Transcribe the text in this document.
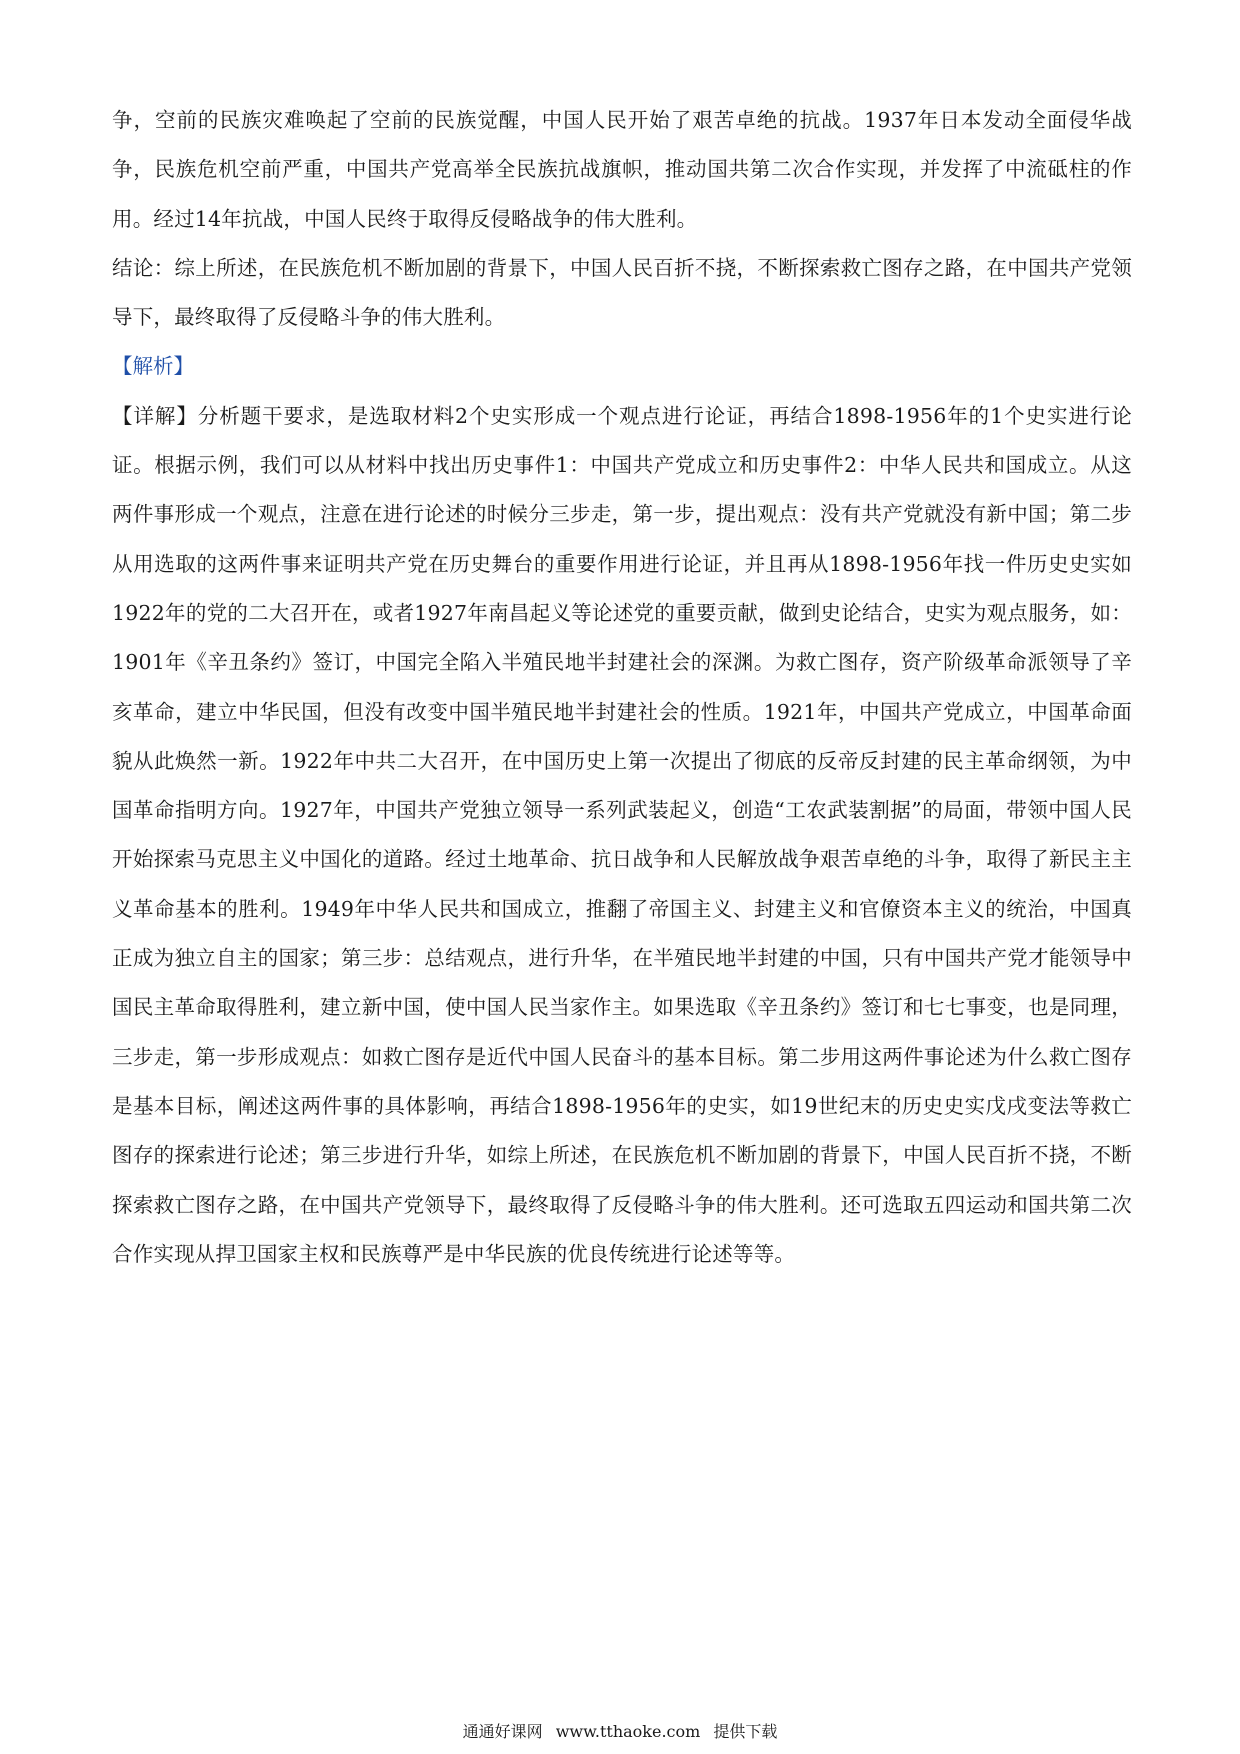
争，空前的民族灾难唤起了空前的民族觉醒，中国人民开始了艰苦卓绝的抗战。1937年日本发动全面侵华战争，民族危机空前严重，中国共产党高举全民族抗战旗帜，推动国共第二次合作实现，并发挥了中流砥柱的作用。经过14年抗战，中国人民终于取得反侵略战争的伟大胜利。

结论：综上所述，在民族危机不断加剧的背景下，中国人民百折不挠，不断探索救亡图存之路，在中国共产党领导下，最终取得了反侵略斗争的伟大胜利。

【解析】

【详解】分析题干要求，是选取材料2个史实形成一个观点进行论证，再结合1898-1956年的1个史实进行论证。根据示例，我们可以从材料中找出历史事件1：中国共产党成立和历史事件2：中华人民共和国成立。从这两件事形成一个观点，注意在进行论述的时候分三步走，第一步，提出观点：没有共产党就没有新中国；第二步从用选取的这两件事来证明共产党在历史舞台的重要作用进行论证，并且再从1898-1956年找一件历史史实如1922年的党的二大召开在，或者1927年南昌起义等论述党的重要贡献，做到史论结合，史实为观点服务，如：1901年《辛丑条约》签订，中国完全陷入半殖民地半封建社会的深渊。为救亡图存，资产阶级革命派领导了辛亥革命，建立中华民国，但没有改变中国半殖民地半封建社会的性质。1921年，中国共产党成立，中国革命面貌从此焕然一新。1922年中共二大召开，在中国历史上第一次提出了彻底的反帝反封建的民主革命纲领，为中国革命指明方向。1927年，中国共产党独立领导一系列武装起义，创造“工农武装割据”的局面，带领中国人民开始探索马克思主义中国化的道路。经过土地革命、抗日战争和人民解放战争艰苦卓绝的斗争，取得了新民主主义革命基本的胜利。1949年中华人民共和国成立，推翻了帝国主义、封建主义和官僚资本主义的统治，中国真正成为独立自主的国家；第三步：总结观点，进行升华，在半殖民地半封建的中国，只有中国共产党才能领导中国民主革命取得胜利，建立新中国，使中国人民当家作主。如果选取《辛丑条约》签订和七七事变，也是同理，三步走，第一步形成观点：如救亡图存是近代中国人民奋斗的基本目标。第二步用这两件事论述为什么救亡图存是基本目标，阐述这两件事的具体影响，再结合1898-1956年的史实，如19世纪末的历史史实戊戌变法等救亡图存的探索进行论述；第三步进行升华，如综上所述，在民族危机不断加剧的背景下，中国人民百折不挠，不断探索救亡图存之路，在中国共产党领导下，最终取得了反侵略斗争的伟大胜利。还可选取五四运动和国共第二次合作实现从捍卫国家主权和民族尊严是中华民族的优良传统进行论述等等。

通通好课网 www.tthaoke.com 提供下载
